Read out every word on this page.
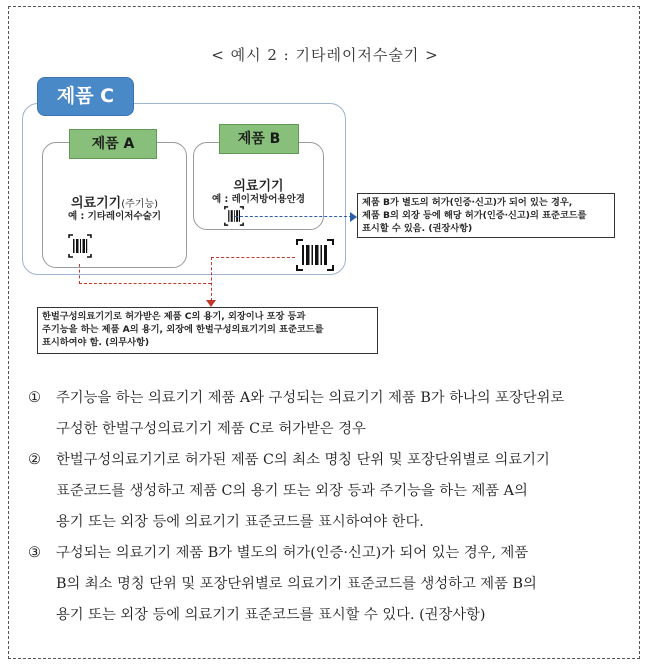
< 예시 2 : 기타레이저수술기 >
제품 C
제품 A
의료기기(주기능)
예 : 기타레이저수술기
제품 B
의료기기
예 : 레이저방어용안경	제품 B가 별도의 허가(인증·신고)가 되어 있는 경우,
제품 B의 외장 등에 해당 허가(인증·신고)의 표준코드를
표시할 수 있음. (권장사항)
한벌구성의료기기로 허가받은 제품 C의 용기, 외장이나 포장 등과
주기능을 하는 제품 A의 용기, 외장에 한벌구성의료기기의 표준코드를
표시하여야 함. (의무사항)
① 주기능을 하는 의료기기 제품 A와 구성되는 의료기기 제품 B가 하나의 포장단위로
구성한 한벌구성의료기기 제품 C로 허가받은 경우
② 한벌구성의료기기로 허가된 제품 C의 최소 명칭 단위 및 포장단위별로 의료기기
표준코드를 생성하고 제품 C의 용기 또는 외장 등과 주기능을 하는 제품 A의
용기 또는 외장 등에 의료기기 표준코드를 표시하여야 한다.
③ 구성되는 의료기기 제품 B가 별도의 허가(인증·신고)가 되어 있는 경우, 제품
B의 최소 명칭 단위 및 포장단위별로 의료기기 표준코드를 생성하고 제품 B의
용기 또는 외장 등에 의료기기 표준코드를 표시할 수 있다. (권장사항)
